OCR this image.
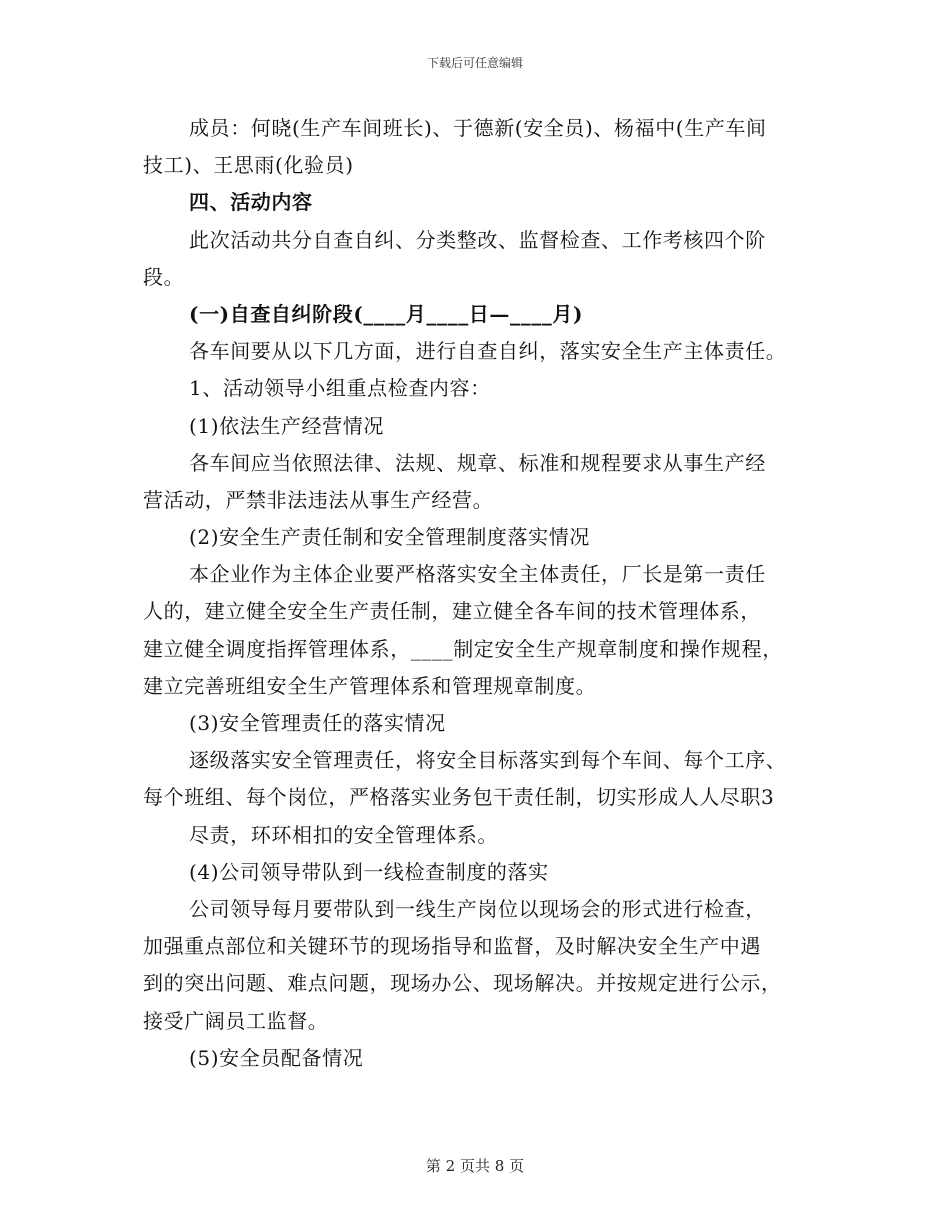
下载后可任意编辑
成员：何晓(生产车间班长)、于德新(安全员)、杨福中(生产车间
技工)、王思雨(化验员)
四、活动内容
此次活动共分自查自纠、分类整改、监督检查、工作考核四个阶
段。
(一)自查自纠阶段(____月____日—____月)
各车间要从以下几方面，进行自查自纠，落实安全生产主体责任。
1、活动领导小组重点检查内容：
(1)依法生产经营情况
各车间应当依照法律、法规、规章、标准和规程要求从事生产经
营活动，严禁非法违法从事生产经营。
(2)安全生产责任制和安全管理制度落实情况
本企业作为主体企业要严格落实安全主体责任，厂长是第一责任
人的，建立健全安全生产责任制，建立健全各车间的技术管理体系，
建立健全调度指挥管理体系，____制定安全生产规章制度和操作规程，
建立完善班组安全生产管理体系和管理规章制度。
(3)安全管理责任的落实情况
逐级落实安全管理责任，将安全目标落实到每个车间、每个工序、
每个班组、每个岗位，严格落实业务包干责任制，切实形成人人尽职3
尽责，环环相扣的安全管理体系。
(4)公司领导带队到一线检查制度的落实
公司领导每月要带队到一线生产岗位以现场会的形式进行检查，
加强重点部位和关键环节的现场指导和监督，及时解决安全生产中遇
到的突出问题、难点问题，现场办公、现场解决。并按规定进行公示，
接受广阔员工监督。
(5)安全员配备情况
第 2 页共 8 页
